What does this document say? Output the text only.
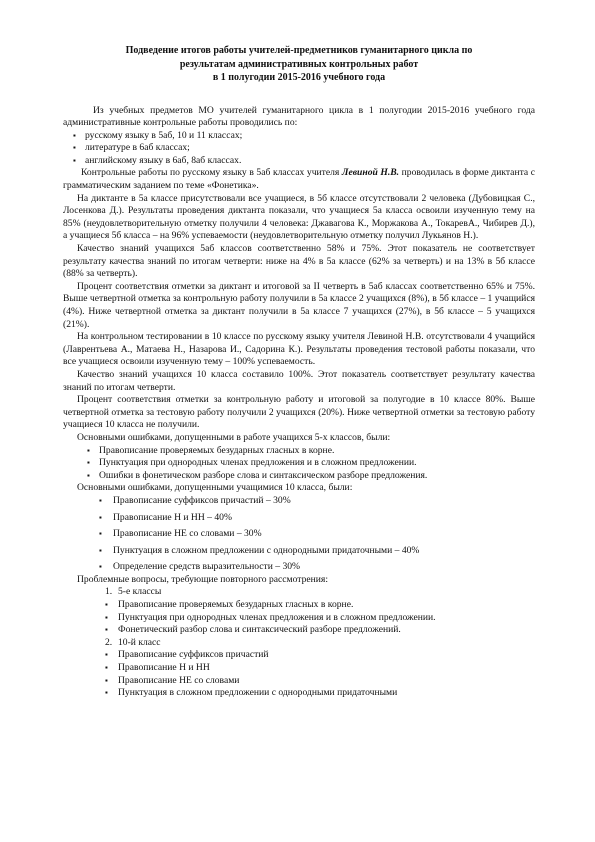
Подведение итогов работы учителей-предметников гуманитарного цикла по
результатам административных контрольных работ
в 1 полугодии 2015-2016 учебного года

Из учебных предметов МО учителей гуманитарного цикла в 1 полугодии 2015-2016 учебного года административные контрольные работы проводились по:

▪ русскому языку в 5аб, 10 и 11 классах;
▪ литературе в 6аб классах;
▪ английскому языку в 6аб, 8аб классах.

Контрольные работы по русскому языку в 5аб классах учителя Левиной Н.В. проводилась в форме диктанта с грамматическим заданием по теме «Фонетика».

На диктанте в 5а классе присутствовали все учащиеся, в 5б классе отсутствовали 2 человека (Дубовицкая С., Лосенкова Д.). Результаты проведения диктанта показали, что учащиеся 5а класса освоили изученную тему на 85% (неудовлетворительную отметку получили 4 человека: Джавагова К., Моржакова А., ТокаревА., Чибирев Д.), а учащиеся 5б класса – на 96% успеваемости (неудовлетворительную отметку получил Лукьянов Н.).

Качество знаний учащихся 5аб классов соответственно 58% и 75%. Этот показатель не соответствует результату качества знаний по итогам четверти: ниже на 4% в 5а классе (62% за четверть) и на 13% в 5б классе (88% за четверть).

Процент соответствия отметки за диктант и итоговой за II четверть в 5аб классах соответственно 65% и 75%. Выше четвертной отметка за контрольную работу получили в 5а классе 2 учащихся (8%), в 5б классе – 1 учащийся (4%). Ниже четвертной отметка за диктант получили в 5а классе 7 учащихся (27%), в 5б классе – 5 учащихся (21%).

На контрольном тестировании в 10 классе по русскому языку учителя Левиной Н.В. отсутствовали 4 учащийся (Лаврентьева А., Матаева Н., Назарова И., Садорина К.). Результаты проведения тестовой работы показали, что все учащиеся освоили изученную тему – 100% успеваемость.

Качество знаний учащихся 10 класса составило 100%. Этот показатель соответствует результату качества знаний по итогам четверти.

Процент соответствия отметки за контрольную работу и итоговой за полугодие в 10 классе 80%. Выше четвертной отметка за тестовую работу получили 2 учащихся (20%). Ниже четвертной отметки за тестовую работу учащиеся 10 класса не получили.

Основными ошибками, допущенными в работе учащихся 5-х классов, были:

▪ Правописание проверяемых безударных гласных в корне.
▪ Пунктуация при однородных членах предложения и в сложном предложении.
▪ Ошибки в фонетическом разборе слова и синтаксическом разборе предложения.

Основными ошибками, допущенными учащимися 10 класса, были:

▪ Правописание суффиксов причастий – 30%
▪ Правописание Н и НН – 40%
▪ Правописание НЕ со словами – 30%
▪ Пунктуация в сложном предложении с однородными придаточными – 40%
▪ Определение средств выразительности – 30%

Проблемные вопросы, требующие повторного рассмотрения:

1. 5-е классы
▪ Правописание проверяемых безударных гласных в корне.
▪ Пунктуация при однородных членах предложения и в сложном предложении.
▪ Фонетический разбор слова и синтаксический разборе предложений.
2. 10-й класс
▪ Правописание суффиксов причастий
▪ Правописание Н и НН
▪ Правописание НЕ со словами
▪ Пунктуация в сложном предложении с однородными придаточными
